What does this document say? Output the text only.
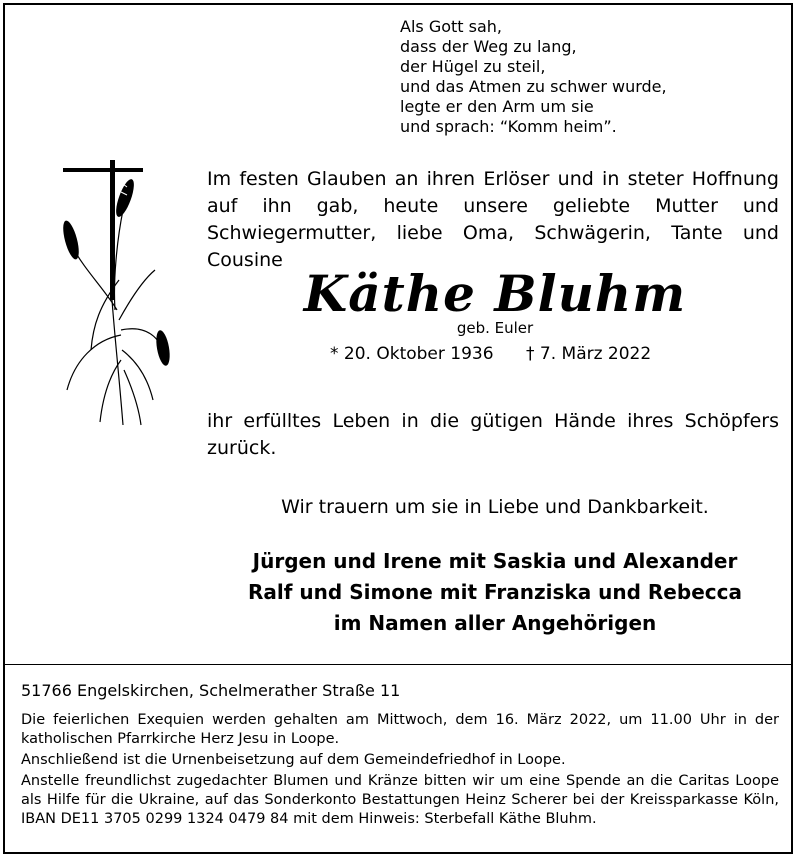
Als Gott sah,
dass der Weg zu lang,
der Hügel zu steil,
und das Atmen zu schwer wurde,
legte er den Arm um sie
und sprach: “Komm heim”.
Im festen Glauben an ihren Erlöser und in steter Hoffnung auf ihn gab, heute unsere geliebte Mutter und Schwiegermutter, liebe Oma, Schwägerin, Tante und Cousine
Käthe Bluhm
geb. Euler
* 20. Oktober 1936 † 7. März 2022
ihr erfülltes Leben in die gütigen Hände ihres Schöpfers zurück.
Wir trauern um sie in Liebe und Dankbarkeit.
Jürgen und Irene mit Saskia und Alexander
Ralf und Simone mit Franziska und Rebecca
im Namen aller Angehörigen
51766 Engelskirchen, Schelmerather Straße 11

Die feierlichen Exequien werden gehalten am Mittwoch, dem 16. März 2022, um 11.00 Uhr in der katholischen Pfarrkirche Herz Jesu in Loope.

Anschließend ist die Urnenbeisetzung auf dem Gemeindefriedhof in Loope.

Anstelle freundlichst zugedachter Blumen und Kränze bitten wir um eine Spende an die Caritas Loope als Hilfe für die Ukraine, auf das Sonderkonto Bestattungen Heinz Scherer bei der Kreissparkasse Köln, IBAN DE11 3705 0299 1324 0479 84 mit dem Hinweis: Sterbefall Käthe Bluhm.
